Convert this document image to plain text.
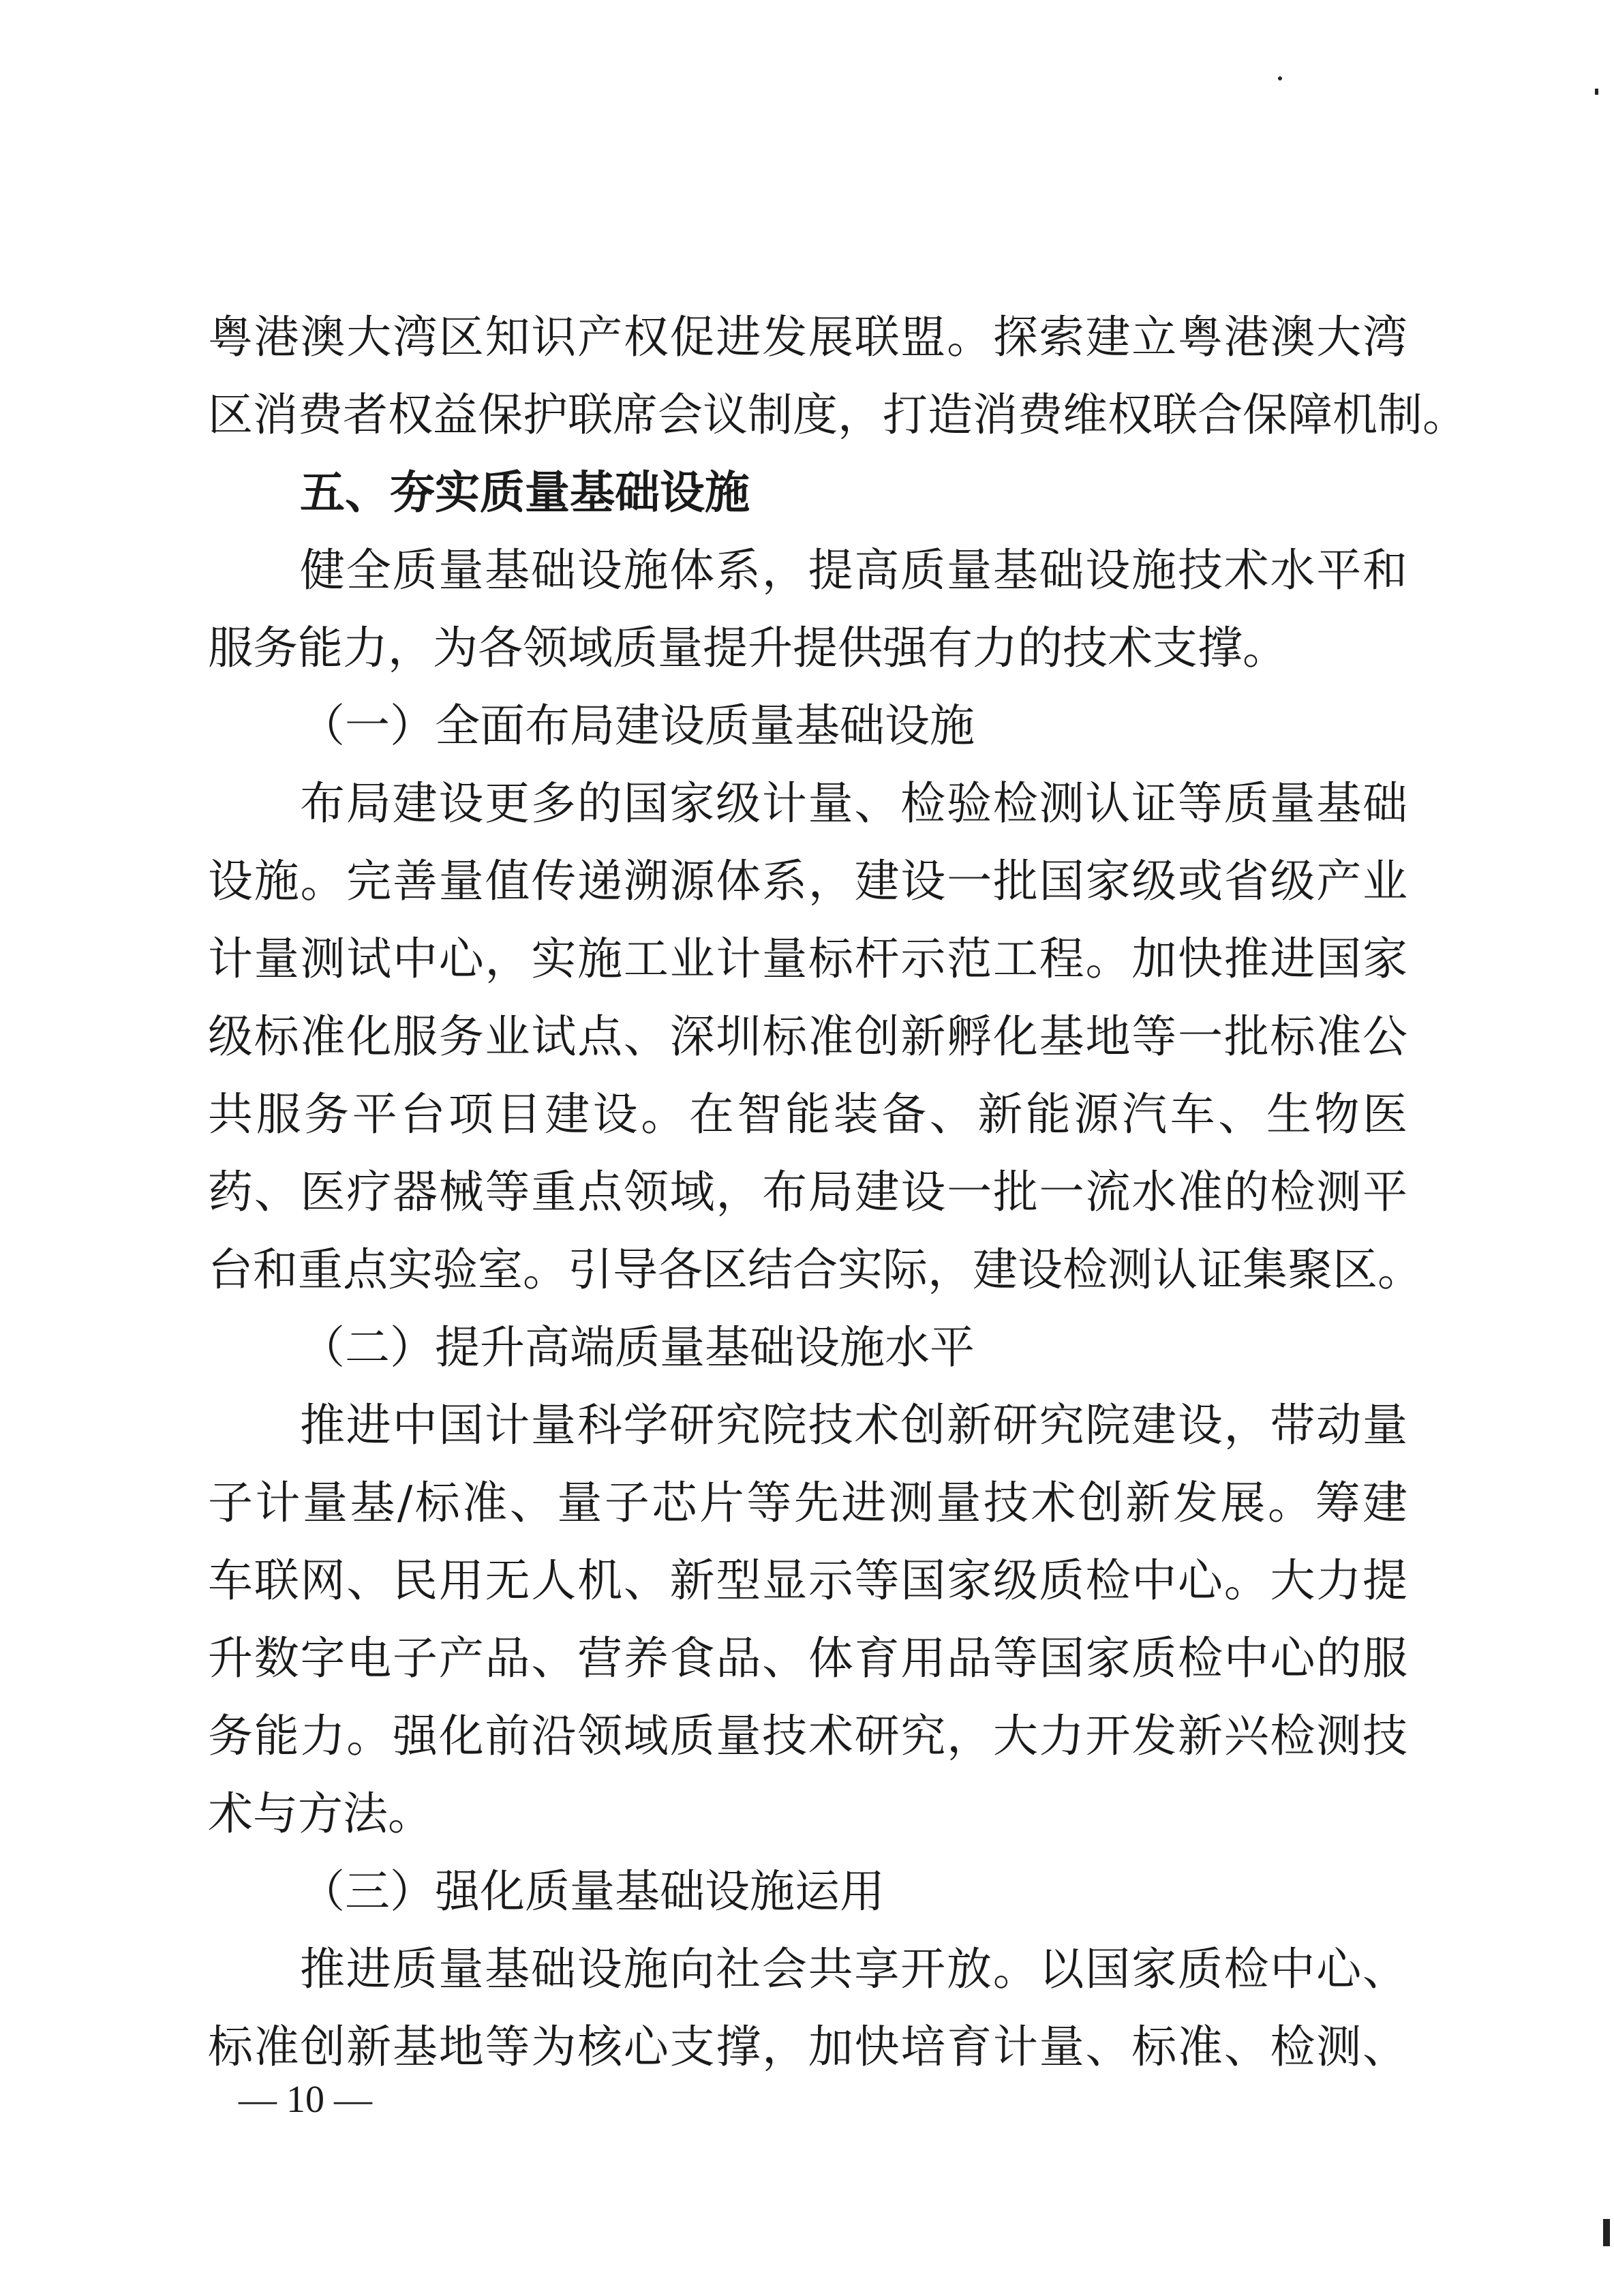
粤港澳大湾区知识产权促进发展联盟。探索建立粤港澳大湾
区消费者权益保护联席会议制度，打造消费维权联合保障机制。
五、夯实质量基础设施
健全质量基础设施体系，提高质量基础设施技术水平和
服务能力，为各领域质量提升提供强有力的技术支撑。
（一）全面布局建设质量基础设施
布局建设更多的国家级计量、检验检测认证等质量基础
设施。完善量值传递溯源体系，建设一批国家级或省级产业
计量测试中心，实施工业计量标杆示范工程。加快推进国家
级标准化服务业试点、深圳标准创新孵化基地等一批标准公
共服务平台项目建设。在智能装备、新能源汽车、生物医
药、医疗器械等重点领域，布局建设一批一流水准的检测平
台和重点实验室。引导各区结合实际，建设检测认证集聚区。
（二）提升高端质量基础设施水平
推进中国计量科学研究院技术创新研究院建设，带动量
子计量基/标准、量子芯片等先进测量技术创新发展。筹建
车联网、民用无人机、新型显示等国家级质检中心。大力提
升数字电子产品、营养食品、体育用品等国家质检中心的服
务能力。强化前沿领域质量技术研究，大力开发新兴检测技
术与方法。
（三）强化质量基础设施运用
推进质量基础设施向社会共享开放。以国家质检中心、
标准创新基地等为核心支撑，加快培育计量、标准、检测、
— 10 —
